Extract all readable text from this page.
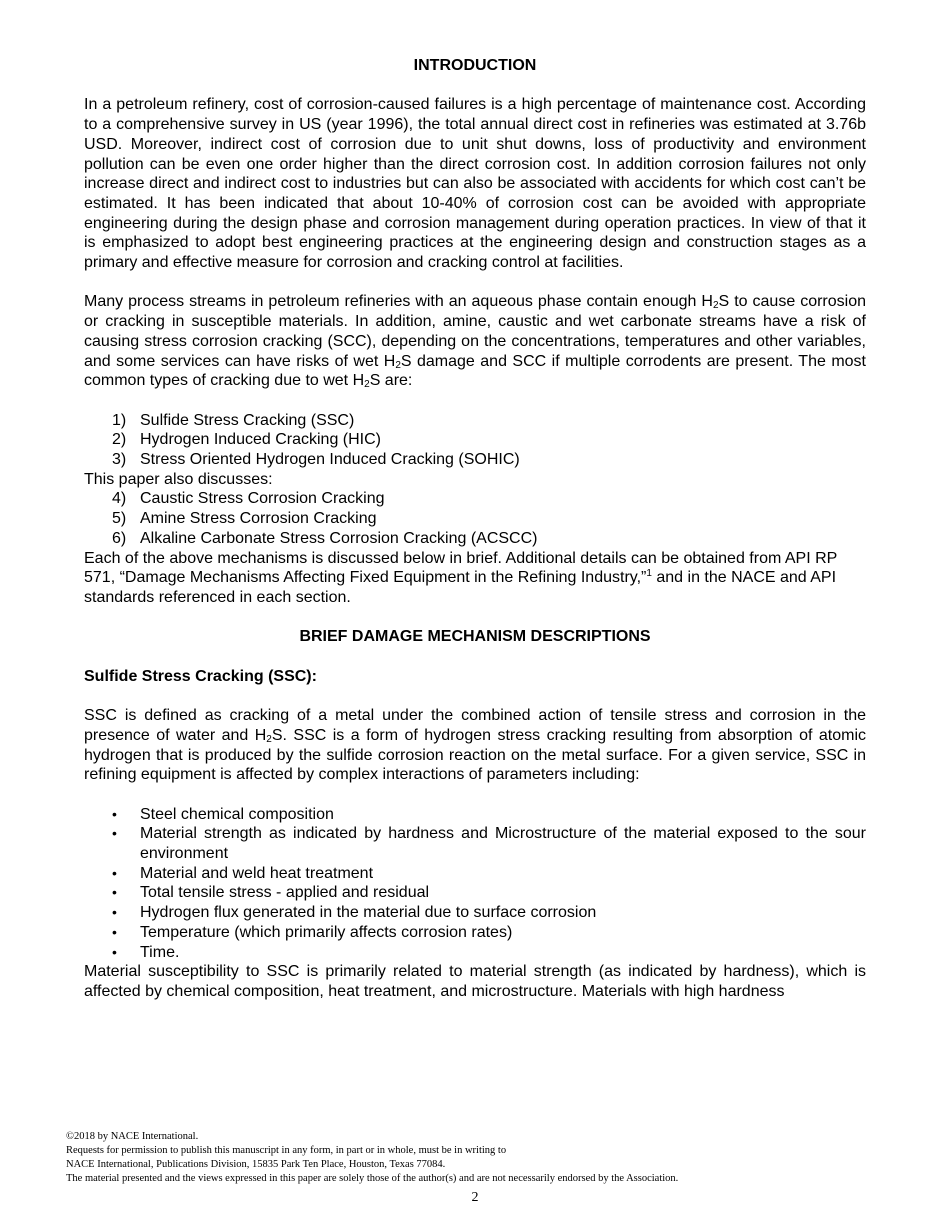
INTRODUCTION

In a petroleum refinery, cost of corrosion-caused failures is a high percentage of maintenance cost. According to a comprehensive survey in US (year 1996), the total annual direct cost in refineries was estimated at 3.76b USD. Moreover, indirect cost of corrosion due to unit shut downs, loss of productivity and environment pollution can be even one order higher than the direct corrosion cost. In addition corrosion failures not only increase direct and indirect cost to industries but can also be associated with accidents for which cost can’t be estimated. It has been indicated that about 10-40% of corrosion cost can be avoided with appropriate engineering during the design phase and corrosion management during operation practices. In view of that it is emphasized to adopt best engineering practices at the engineering design and construction stages as a primary and effective measure for corrosion and cracking control at facilities.

Many process streams in petroleum refineries with an aqueous phase contain enough $H_2S$ to cause corrosion or cracking in susceptible materials. In addition, amine, caustic and wet carbonate streams have a risk of causing stress corrosion cracking (SCC), depending on the concentrations, temperatures and other variables, and some services can have risks of wet $H_2S$ damage and SCC if multiple corrodents are present. The most common types of cracking due to wet $H_2S$ are:

1) Sulfide Stress Cracking (SSC)
2) Hydrogen Induced Cracking (HIC)
3) Stress Oriented Hydrogen Induced Cracking (SOHIC)
This paper also discusses:
4) Caustic Stress Corrosion Cracking
5) Amine Stress Corrosion Cracking
6) Alkaline Carbonate Stress Corrosion Cracking (ACSCC)

Each of the above mechanisms is discussed below in brief. Additional details can be obtained from API RP 571, “Damage Mechanisms Affecting Fixed Equipment in the Refining Industry,”$^1$ and in the NACE and API standards referenced in each section.

BRIEF DAMAGE MECHANISM DESCRIPTIONS
Sulfide Stress Cracking (SSC):

SSC is defined as cracking of a metal under the combined action of tensile stress and corrosion in the presence of water and $H_2S$. SSC is a form of hydrogen stress cracking resulting from absorption of atomic hydrogen that is produced by the sulfide corrosion reaction on the metal surface. For a given service, SSC in refining equipment is affected by complex interactions of parameters including:

• Steel chemical composition
• Material strength as indicated by hardness and Microstructure of the material exposed to the sour environment
• Material and weld heat treatment
• Total tensile stress - applied and residual
• Hydrogen flux generated in the material due to surface corrosion
• Temperature (which primarily affects corrosion rates)
• Time.

Material susceptibility to SSC is primarily related to material strength (as indicated by hardness), which is affected by chemical composition, heat treatment, and microstructure. Materials with high hardness

©2018 by NACE International.
Requests for permission to publish this manuscript in any form, in part or in whole, must be in writing to
NACE International, Publications Division, 15835 Park Ten Place, Houston, Texas 77084.
The material presented and the views expressed in this paper are solely those of the author(s) and are not necessarily endorsed by the Association.
2
